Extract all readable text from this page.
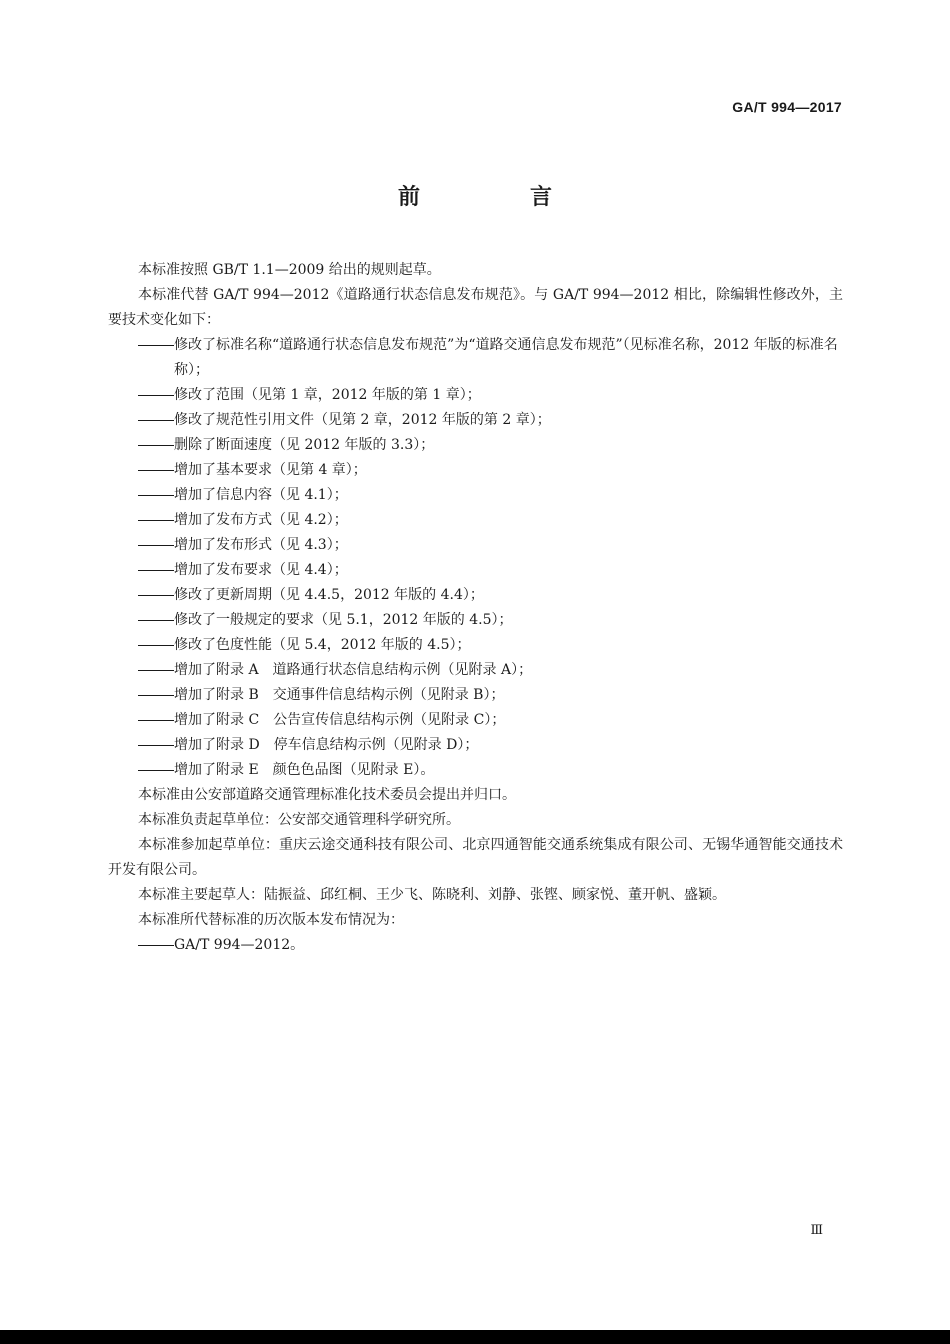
GA/T 994—2017
前　言

本标准按照 GB/T 1.1—2009 给出的规则起草。

本标准代替 GA/T 994—2012《道路通行状态信息发布规范》。与 GA/T 994—2012 相比，除编辑性修改外，主要技术变化如下：

修改了标准名称“道路通行状态信息发布规范”为“道路交通信息发布规范”（见标准名称，2012 年版的标准名称）；

修改了范围（见第 1 章，2012 年版的第 1 章）；

修改了规范性引用文件（见第 2 章，2012 年版的第 2 章）；

删除了断面速度（见 2012 年版的 3.3）；

增加了基本要求（见第 4 章）；

增加了信息内容（见 4.1）；

增加了发布方式（见 4.2）；

增加了发布形式（见 4.3）；

增加了发布要求（见 4.4）；

修改了更新周期（见 4.4.5，2012 年版的 4.4）；

修改了一般规定的要求（见 5.1，2012 年版的 4.5）；

修改了色度性能（见 5.4，2012 年版的 4.5）；

增加了附录 A　道路通行状态信息结构示例（见附录 A）；

增加了附录 B　交通事件信息结构示例（见附录 B）；

增加了附录 C　公告宣传信息结构示例（见附录 C）；

增加了附录 D　停车信息结构示例（见附录 D）；

增加了附录 E　颜色色品图（见附录 E）。

本标准由公安部道路交通管理标准化技术委员会提出并归口。

本标准负责起草单位：公安部交通管理科学研究所。

本标准参加起草单位：重庆云途交通科技有限公司、北京四通智能交通系统集成有限公司、无锡华通智能交通技术开发有限公司。

本标准主要起草人：陆振益、邱红桐、王少飞、陈晓利、刘静、张铿、顾家悦、董开帆、盛颖。

本标准所代替标准的历次版本发布情况为：

GA/T 994—2012。

Ⅲ
